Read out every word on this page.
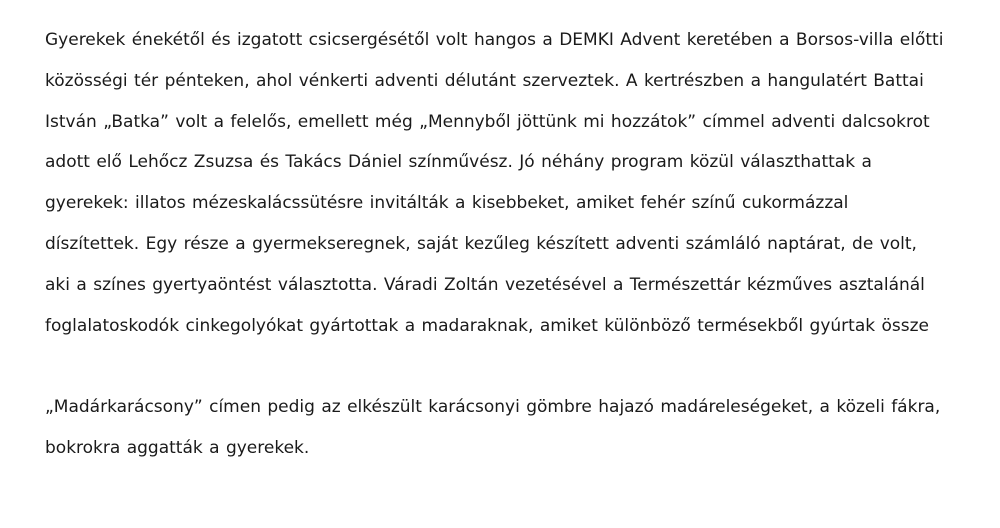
Gyerekek énekétől és izgatott csicsergésétől volt hangos a DEMKI Advent keretében a Borsos-villa előtti közösségi tér pénteken, ahol vénkerti adventi délutánt szerveztek. A kertrészben a hangulatért Battai István „Batka” volt a felelős, emellett még „Mennyből jöttünk mi hozzátok” címmel adventi dalcsokrot adott elő Lehőcz Zsuzsa és Takács Dániel színművész. Jó néhány program közül választhattak a gyerekek: illatos mézeskalácssütésre invitálták a kisebbeket, amiket fehér színű cukormázzal díszítettek. Egy része a gyermekseregnek, saját kezűleg készített adventi számláló naptárat, de volt, aki a színes gyertyaöntést választotta. Váradi Zoltán vezetésével a Természettár kézműves asztalánál foglalatoskodók cinkegolyókat gyártottak a madaraknak, amiket különböző termésekből gyúrtak össze

„Madárkarácsony” címen pedig az elkészült karácsonyi gömbre hajazó madáreleségeket, a közeli fákra, bokrokra aggatták a gyerekek.
